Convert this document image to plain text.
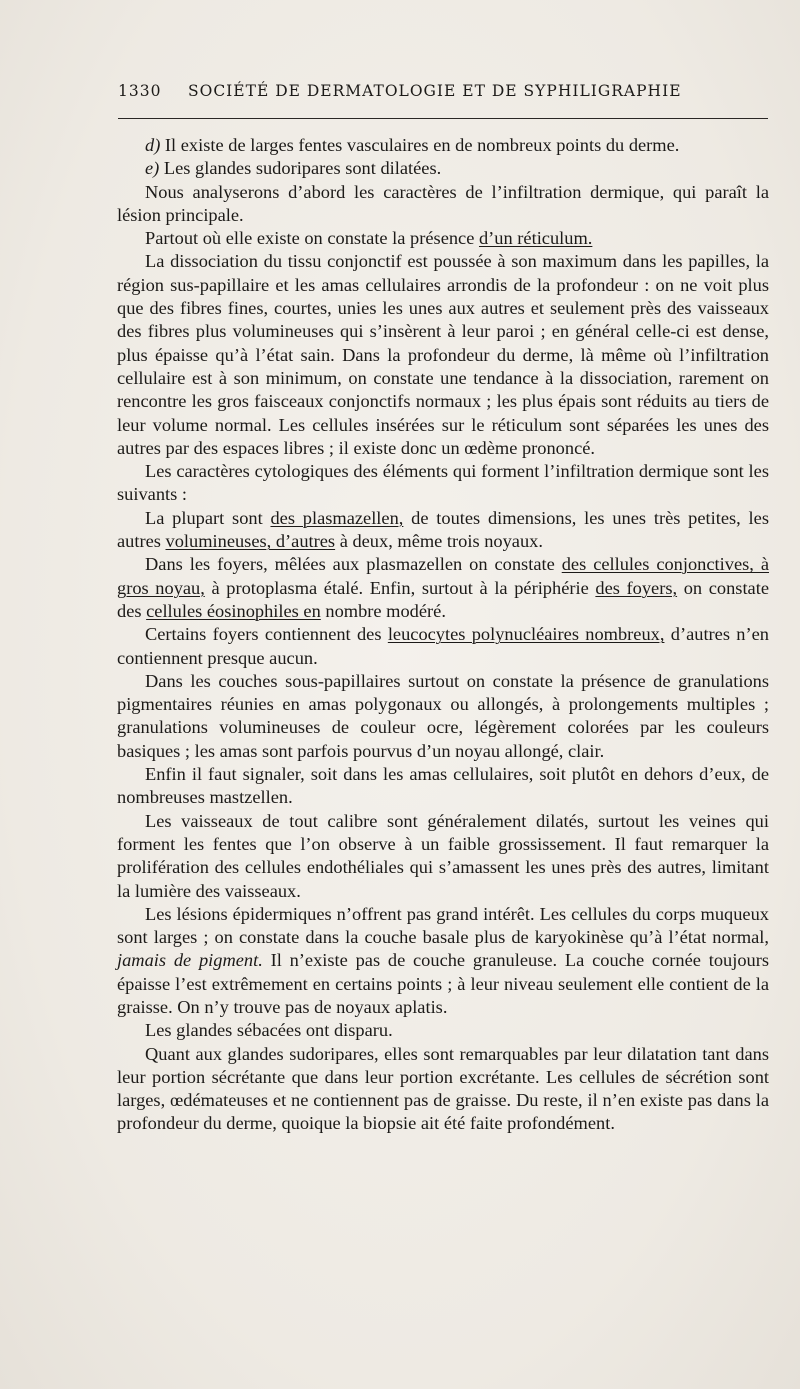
1330 SOCIÉTÉ DE DERMATOLOGIE ET DE SYPHILIGRAPHIE

d) Il existe de larges fentes vasculaires en de nombreux points du derme.

e) Les glandes sudoripares sont dilatées.

Nous analyserons d’abord les caractères de l’infiltration dermique, qui paraît la lésion principale.

Partout où elle existe on constate la présence d’un réticulum.

La dissociation du tissu conjonctif est poussée à son maximum dans les papilles, la région sus-papillaire et les amas cellulaires arrondis de la profondeur : on ne voit plus que des fibres fines, courtes, unies les unes aux autres et seulement près des vaisseaux des fibres plus volumineuses qui s’insèrent à leur paroi ; en général celle-ci est dense, plus épaisse qu’à l’état sain. Dans la profondeur du derme, là même où l’infiltration cellulaire est à son minimum, on constate une tendance à la dissociation, rarement on rencontre les gros faisceaux conjonctifs normaux ; les plus épais sont réduits au tiers de leur volume normal. Les cellules insérées sur le réticulum sont séparées les unes des autres par des espaces libres ; il existe donc un œdème prononcé.

Les caractères cytologiques des éléments qui forment l’infiltration dermique sont les suivants :

La plupart sont des plasmazellen, de toutes dimensions, les unes très petites, les autres volumineuses, d’autres à deux, même trois noyaux.

Dans les foyers, mêlées aux plasmazellen on constate des cellules conjonctives, à gros noyau, à protoplasma étalé. Enfin, surtout à la périphérie des foyers, on constate des cellules éosinophiles en nombre modéré.

Certains foyers contiennent des leucocytes polynucléaires nombreux, d’autres n’en contiennent presque aucun.

Dans les couches sous-papillaires surtout on constate la présence de granulations pigmentaires réunies en amas polygonaux ou allongés, à prolongements multiples ; granulations volumineuses de couleur ocre, légèrement colorées par les couleurs basiques ; les amas sont parfois pourvus d’un noyau allongé, clair.

Enfin il faut signaler, soit dans les amas cellulaires, soit plutôt en dehors d’eux, de nombreuses mastzellen.

Les vaisseaux de tout calibre sont généralement dilatés, surtout les veines qui forment les fentes que l’on observe à un faible grossissement. Il faut remarquer la prolifération des cellules endothéliales qui s’amassent les unes près des autres, limitant la lumière des vaisseaux.

Les lésions épidermiques n’offrent pas grand intérêt. Les cellules du corps muqueux sont larges ; on constate dans la couche basale plus de karyokinèse qu’à l’état normal, jamais de pigment. Il n’existe pas de couche granuleuse. La couche cornée toujours épaisse l’est extrêmement en certains points ; à leur niveau seulement elle contient de la graisse. On n’y trouve pas de noyaux aplatis.

Les glandes sébacées ont disparu.

Quant aux glandes sudoripares, elles sont remarquables par leur dilatation tant dans leur portion sécrétante que dans leur portion excrétante. Les cellules de sécrétion sont larges, œdémateuses et ne contiennent pas de graisse. Du reste, il n’en existe pas dans la profondeur du derme, quoique la biopsie ait été faite profondément.
